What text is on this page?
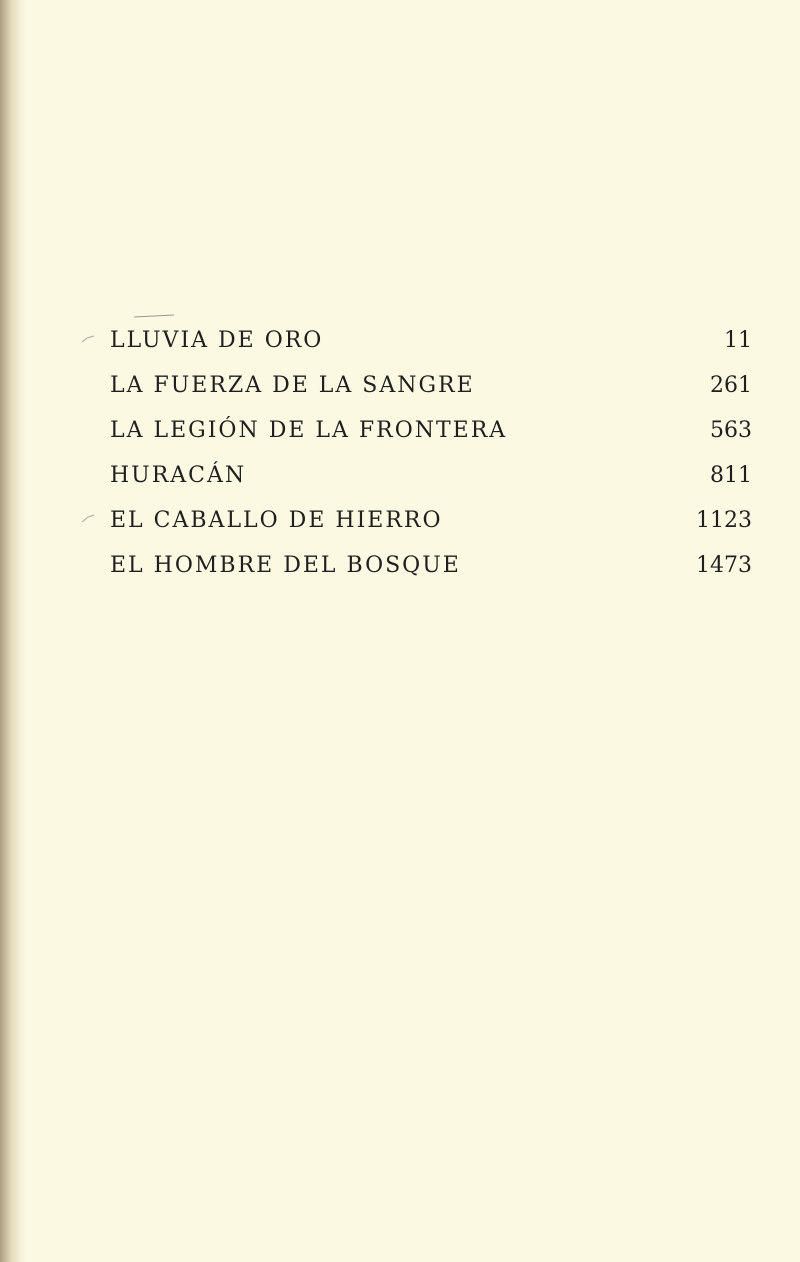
LLUVIA DE ORO	11
LA FUERZA DE LA SANGRE	261
LA LEGIÓN DE LA FRONTERA	563
HURACÁN	811
EL CABALLO DE HIERRO	1123
EL HOMBRE DEL BOSQUE	1473
